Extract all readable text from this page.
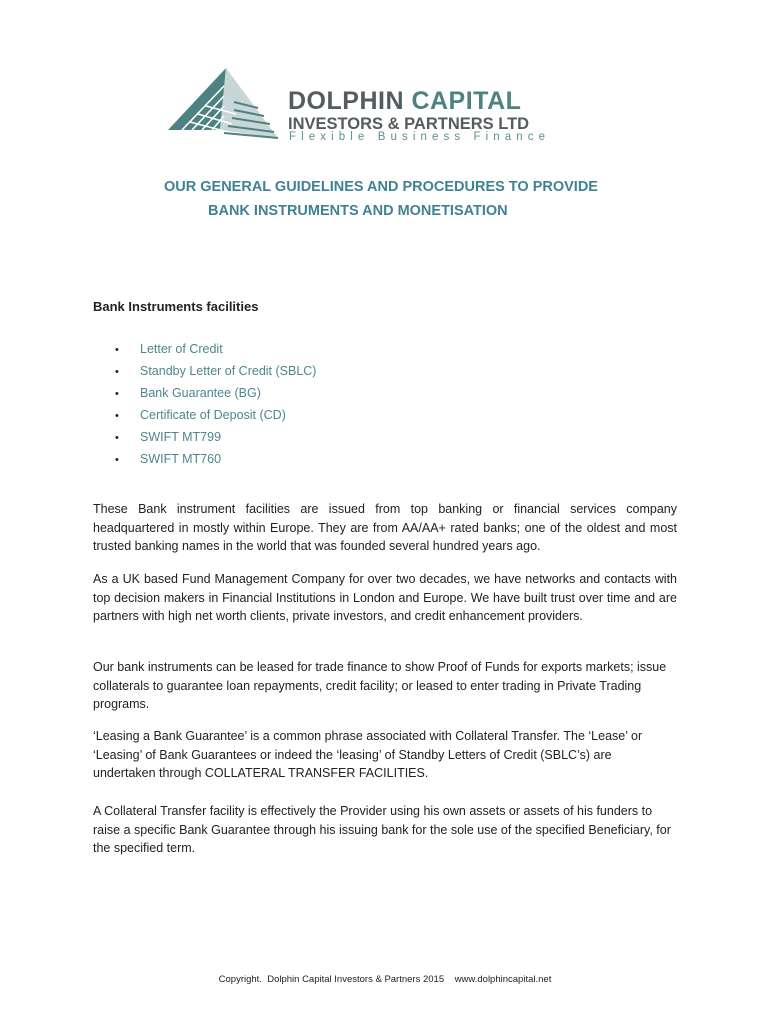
DOLPHIN CAPITAL
INVESTORS & PARTNERS LTD
Flexible Business Finance
OUR GENERAL GUIDELINES AND PROCEDURES TO PROVIDE
BANK INSTRUMENTS AND MONETISATION
Bank Instruments facilities
• Letter of Credit
• Standby Letter of Credit (SBLC)
• Bank Guarantee (BG)
• Certificate of Deposit (CD)
• SWIFT MT799
• SWIFT MT760

These Bank instrument facilities are issued from top banking or financial services company headquartered in mostly within Europe. They are from AA/AA+ rated banks; one of the oldest and most trusted banking names in the world that was founded several hundred years ago.

As a UK based Fund Management Company for over two decades, we have networks and contacts with top decision makers in Financial Institutions in London and Europe. We have built trust over time and are partners with high net worth clients, private investors, and credit enhancement providers.

Our bank instruments can be leased for trade finance to show Proof of Funds for exports markets; issue collaterals to guarantee loan repayments, credit facility; or leased to enter trading in Private Trading programs.

‘Leasing a Bank Guarantee’ is a common phrase associated with Collateral Transfer. The ‘Lease’ or ‘Leasing’ of Bank Guarantees or indeed the ‘leasing’ of Standby Letters of Credit (SBLC’s) are undertaken through COLLATERAL TRANSFER FACILITIES.

A Collateral Transfer facility is effectively the Provider using his own assets or assets of his funders to raise a specific Bank Guarantee through his issuing bank for the sole use of the specified Beneficiary, for the specified term.

Copyright.  Dolphin Capital Investors & Partners 2015 www.dolphincapital.net
